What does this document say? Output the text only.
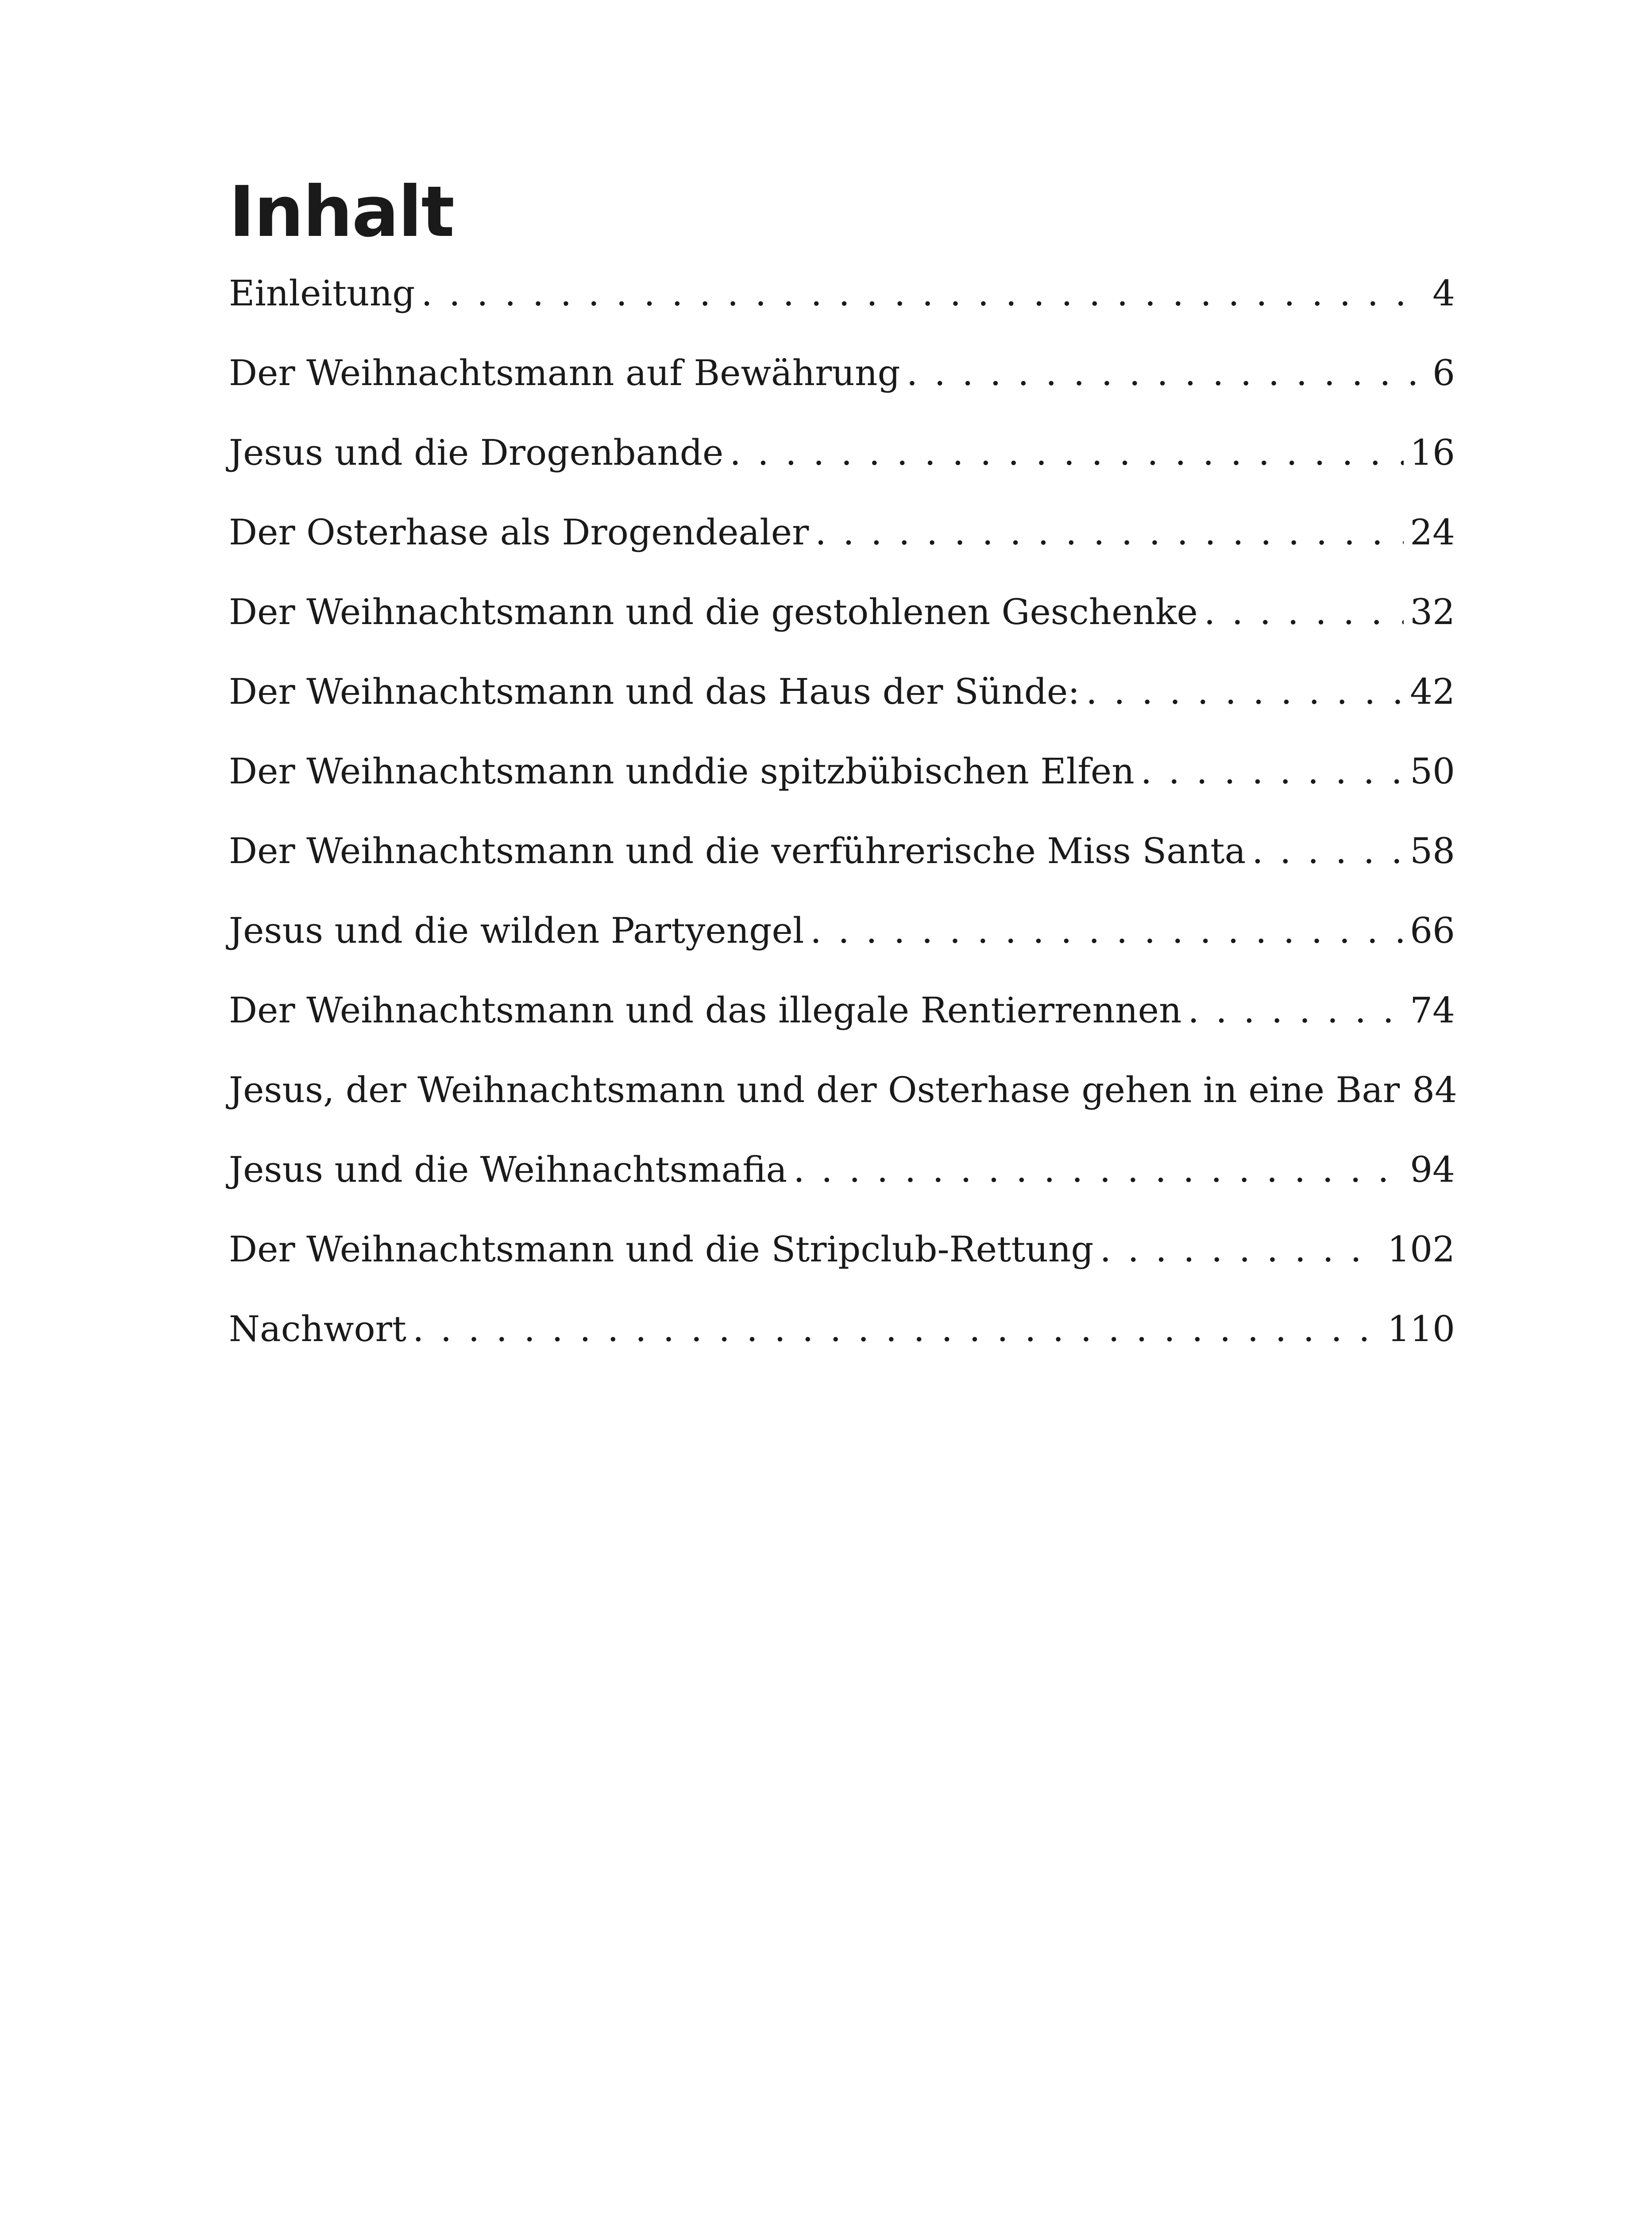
Inhalt
Einleitung . . .	4
Der Weihnachtsmann auf Bewährung . . .	6
Jesus und die Drogenbande . . .	16
Der Osterhase als Drogendealer . . .	24
Der Weihnachtsmann und die gestohlenen Geschenke . . .	32
Der Weihnachtsmann und das Haus der Sünde: . . .	42
Der Weihnachtsmann unddie spitzbübischen Elfen . . .	50
Der Weihnachtsmann und die verführerische Miss Santa . . .	58
Jesus und die wilden Partyengel . . .	66
Der Weihnachtsmann und das illegale Rentierrennen . . .	74
Jesus, der Weihnachtsmann und der Osterhase gehen in eine Bar 84
Jesus und die Weihnachtsmafia . . .	94
Der Weihnachtsmann und die Stripclub-Rettung . . .	102
Nachwort . . .	110
